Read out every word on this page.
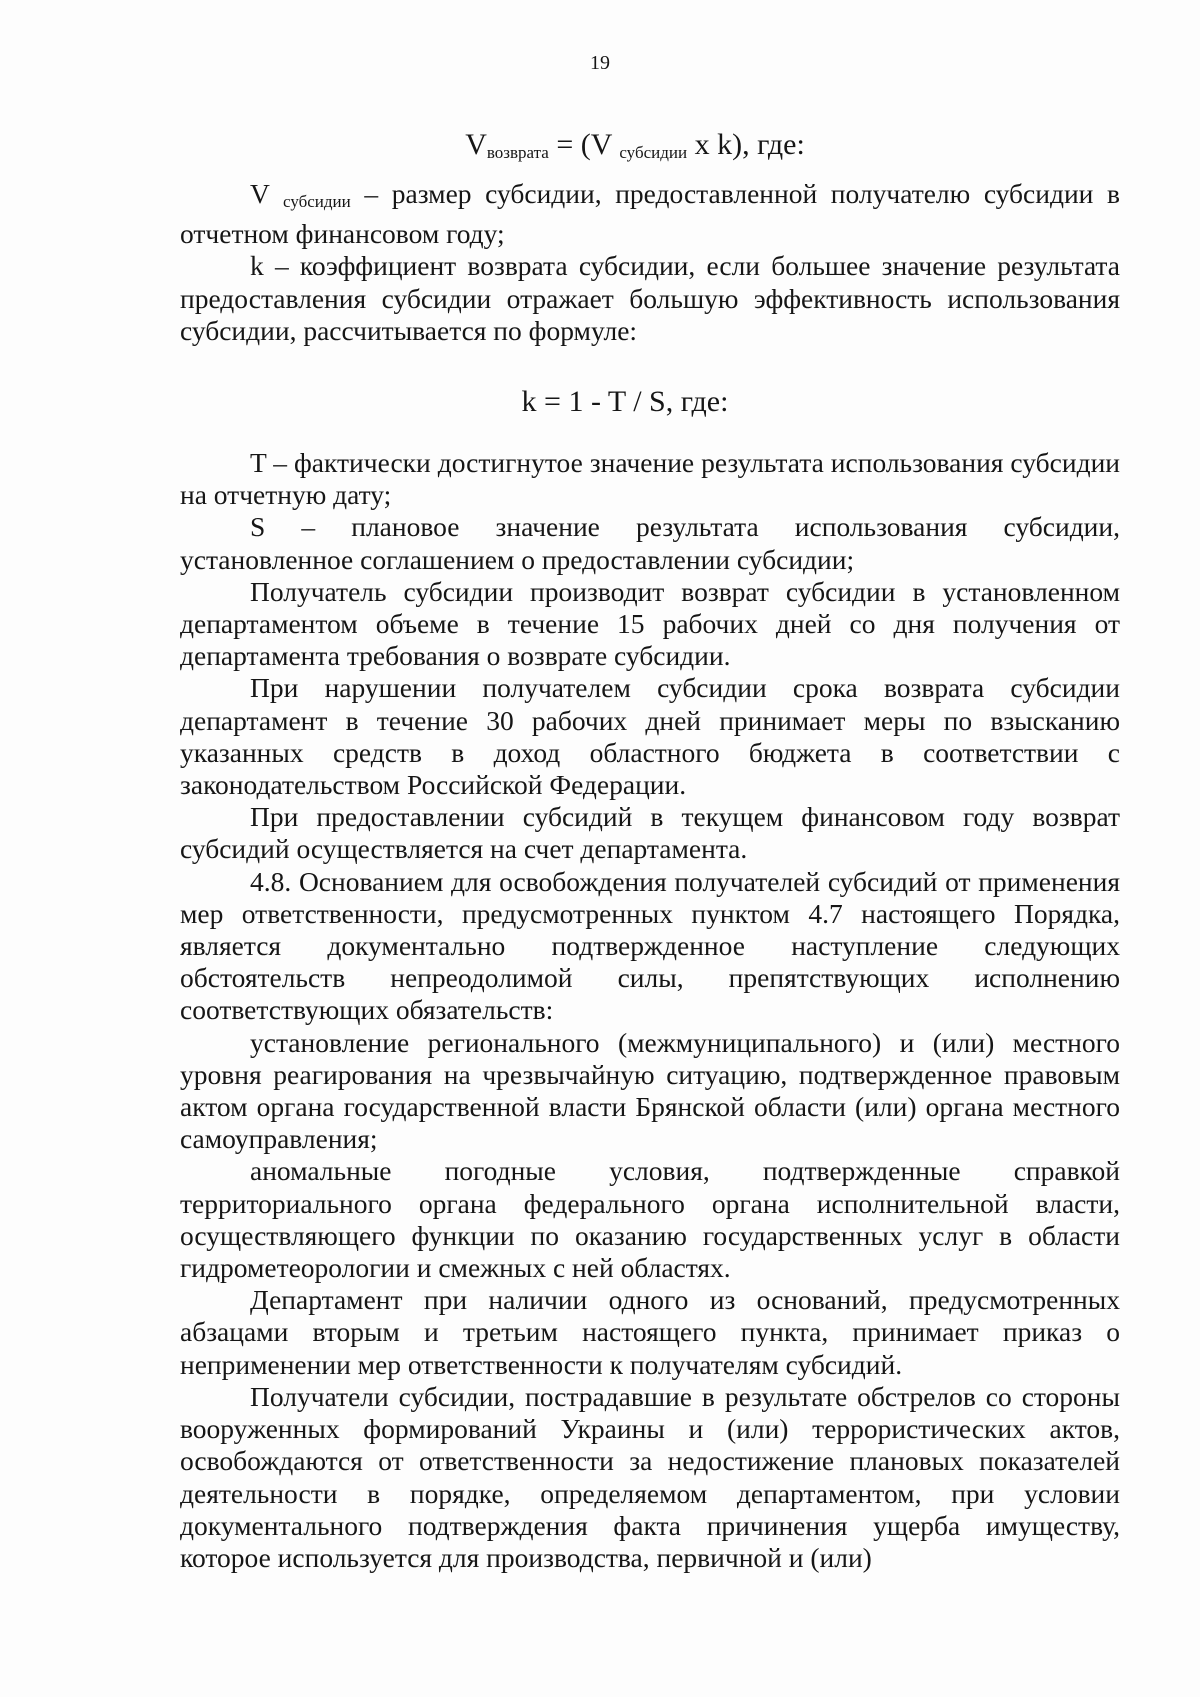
19
$V_{возврата} = (V$ $_{субсидии}$ x k), где:

V $_{субсидии}$ – размер субсидии, предоставленной получателю субсидии в отчетном финансовом году;

k – коэффициент возврата субсидии, если большее значение результата предоставления субсидии отражает большую эффективность использования субсидии, рассчитывается по формуле:

k = 1 - T / S, где:

T – фактически достигнутое значение результата использования субсидии на отчетную дату;

S – плановое значение результата использования субсидии, установленное соглашением о предоставлении субсидии;

Получатель субсидии производит возврат субсидии в установленном департаментом объеме в течение 15 рабочих дней со дня получения от департамента требования о возврате субсидии.

При нарушении получателем субсидии срока возврата субсидии департамент в течение 30 рабочих дней принимает меры по взысканию указанных средств в доход областного бюджета в соответствии с законодательством Российской Федерации.

При предоставлении субсидий в текущем финансовом году возврат субсидий осуществляется на счет департамента.

4.8. Основанием для освобождения получателей субсидий от применения мер ответственности, предусмотренных пунктом 4.7 настоящего Порядка, является документально подтвержденное наступление следующих обстоятельств непреодолимой силы, препятствующих исполнению соответствующих обязательств:

установление регионального (межмуниципального) и (или) местного уровня реагирования на чрезвычайную ситуацию, подтвержденное правовым актом органа государственной власти Брянской области (или) органа местного самоуправления;

аномальные погодные условия, подтвержденные справкой территориального органа федерального органа исполнительной власти, осуществляющего функции по оказанию государственных услуг в области гидрометеорологии и смежных с ней областях.

Департамент при наличии одного из оснований, предусмотренных абзацами вторым и третьим настоящего пункта, принимает приказ о неприменении мер ответственности к получателям субсидий.

Получатели субсидии, пострадавшие в результате обстрелов со стороны вооруженных формирований Украины и (или) террористических актов, освобождаются от ответственности за недостижение плановых показателей деятельности в порядке, определяемом департаментом, при условии документального подтверждения факта причинения ущерба имуществу, которое используется для производства, первичной и (или)
